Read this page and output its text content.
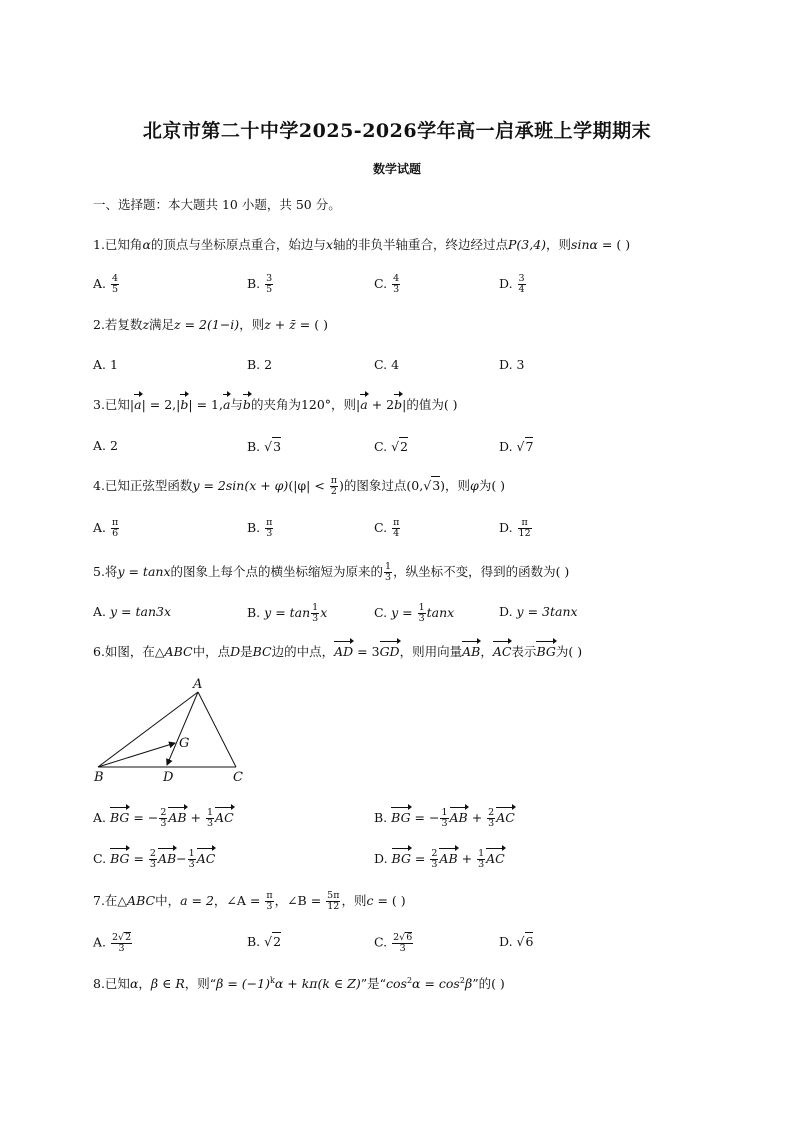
北京市第二十中学2025-2026学年高一启承班上学期期末
数学试题
一、选择题：本大题共 10 小题，共 50 分。
1.已知角α的顶点与坐标原点重合，始边与x轴的非负半轴重合，终边经过点P(3,4)，则sinα = ( )
A. $\frac{4}{5}$	B. $\frac{3}{5}$	C. $\frac{4}{3}$	D. $\frac{3}{4}$
2.若复数z满足z = 2(1−i)，则z + z̄ = ( )
A. 1	B. 2	C. 4	D. 3
3.已知|a| = 2,|b| = 1,a与b的夹角为120°，则|a + 2b|的值为( )
A. 2	B. √3	C. √2	D. √7
4.已知正弦型函数$y = 2\sin(x + \varphi)(|\varphi| < \frac{\pi}{2}$ )的图象过点(0,√3)，则φ为( )
A. $\frac{\pi}{6}$	B. $\frac{\pi}{3}$	C. $\frac{\pi}{4}$	D. $\frac{\pi}{12}$
5.将y = tanx的图象上每个点的横坐标缩短为原来的 $\frac{1}{3}$ ，纵坐标不变，得到的函数为( )
A. y = tan3x	B. $y = \tan \frac{1}{3}$ x	C. $y = \frac{1}{3}$ tanx	D. y = 3tanx
6.如图，在△ABC中，点D是BC边的中点，AD = 3GD，则用向量AB，AC表示BG为( )
A
B	C
D
G
A. BG = − $\frac{2}{3}$ AB + $\frac{1}{3}$ AC	B. BG = − $\frac{1}{3}$ AB + $\frac{2}{3}$ AC
C. BG = $\frac{2}{3} AB- \frac{1}{3}$ AC	D. BG = $\frac{2}{3}$ AB + $\frac{1}{3}$ AC
7.在△ABC中，a = 2，∠A = $\frac{\pi}{3}$ ，∠B = $\frac{5\pi}{12}$ ，则c = ( )
A. $\frac{2√2}{3}$	B. √2	C. $\frac{2√6}{3}$	D. √6
8.已知α，β ∈ R，则“$\beta = (-1)^k\alpha + k\pi(k$ ∈ Z)”是“$\cos^2\alpha = \cos^2\beta$”的( )
